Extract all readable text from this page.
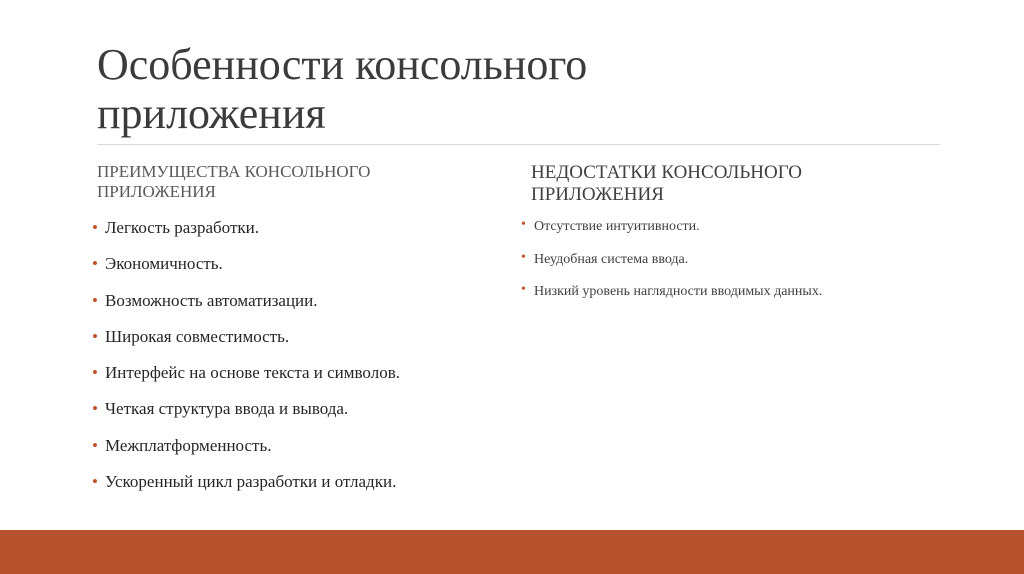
Особенности консольного
приложения
ПРЕИМУЩЕСТВА КОНСОЛЬНОГО
ПРИЛОЖЕНИЯ
• Легкость разработки.
• Экономичность.
• Возможность автоматизации.
• Широкая совместимость.
• Интерфейс на основе текста и символов.
• Четкая структура ввода и вывода.
• Межплатформенность.
• Ускоренный цикл разработки и отладки.
НЕДОСТАТКИ КОНСОЛЬНОГО
ПРИЛОЖЕНИЯ
• Отсутствие интуитивности.
• Неудобная система ввода.
• Низкий уровень наглядности вводимых данных.
